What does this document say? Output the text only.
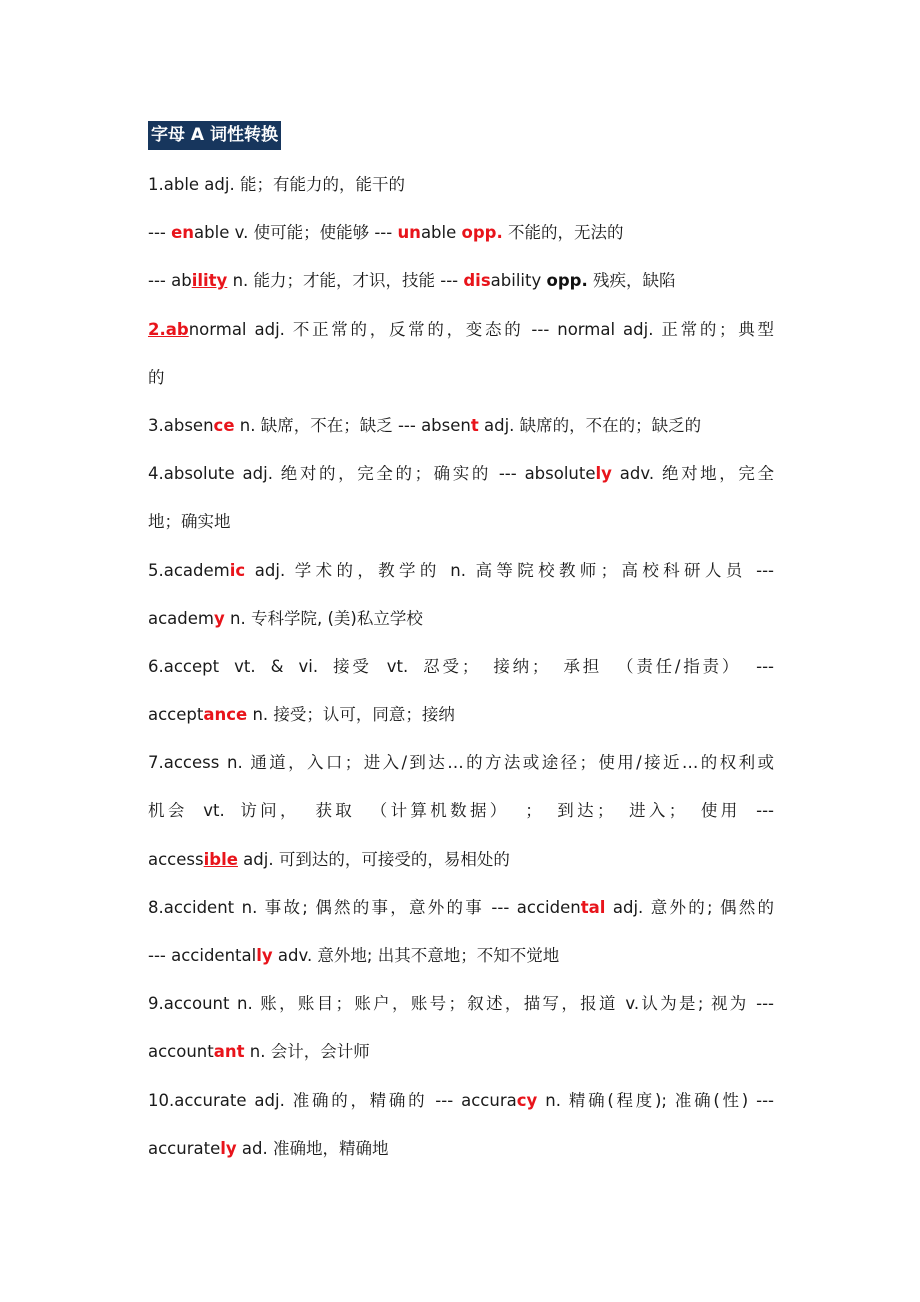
字母 A 词性转换
1.able adj. 能；有能力的，能干的
--- enable v. 使可能；使能够 --- unable opp. 不能的，无法的
--- ability n. 能力；才能，才识，技能 --- disability opp. 残疾，缺陷
2.abnormal adj. 不正常的，反常的，变态的 --- normal adj. 正常的；典型
的
3.absence n. 缺席，不在；缺乏 --- absent adj. 缺席的，不在的；缺乏的
4.absolute adj. 绝对的，完全的；确实的 --- absolutely adv. 绝对地，完全
地；确实地
5.academic adj. 学术的，教学的 n. 高等院校教师；高校科研人员 ---
academy n. 专科学院, (美)私立学校
6.accept vt. & vi. 接受 vt. 忍受； 接纳； 承担 （责任/指责） ---
acceptance n. 接受；认可，同意；接纳
7.access n. 通道，入口；进入/到达…的方法或途径；使用/接近…的权利或
机会 vt. 访问， 获取 （计算机数据） ； 到达； 进入； 使用 ---
accessible adj. 可到达的，可接受的，易相处的
8.accident n. 事故; 偶然的事，意外的事 --- accidental adj. 意外的; 偶然的
--- accidentally adv. 意外地; 出其不意地；不知不觉地
9.account n. 账，账目；账户，账号；叙述，描写，报道 v.认为是; 视为 ---
accountant n. 会计，会计师
10.accurate adj. 准确的，精确的 --- accuracy n. 精确(程度); 准确(性) ---
accurately ad. 准确地，精确地
